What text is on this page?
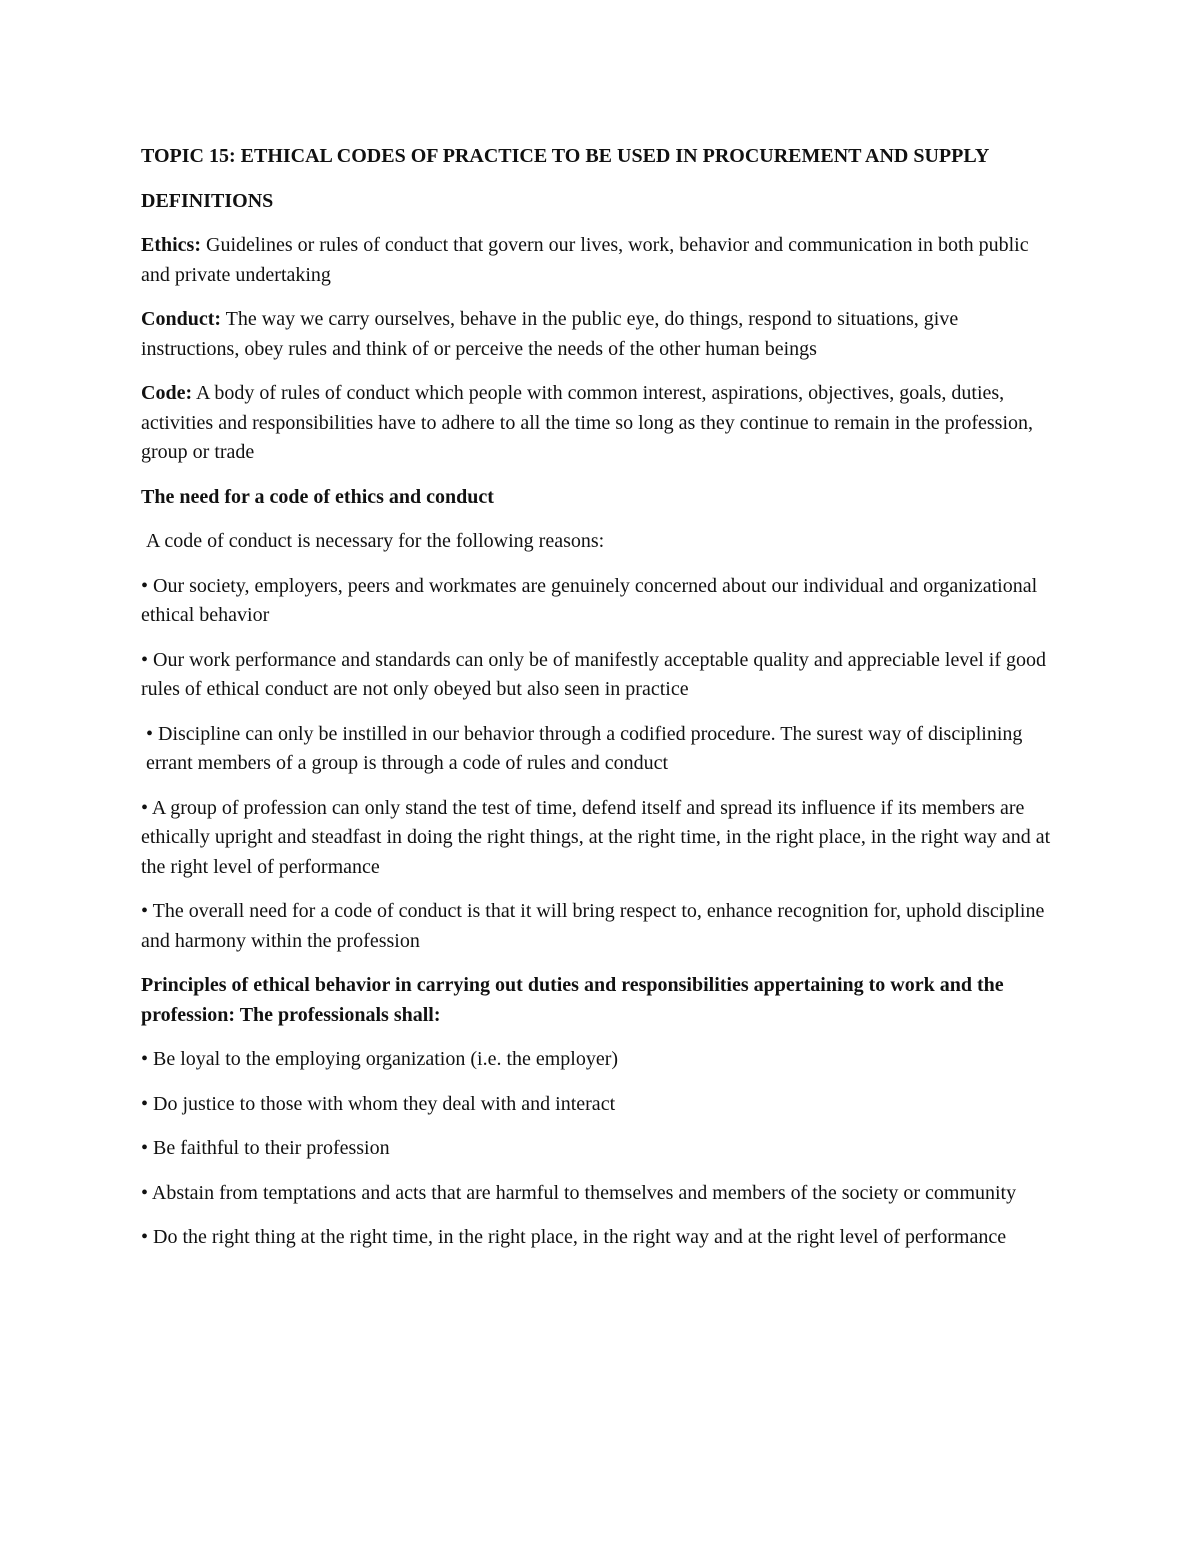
TOPIC 15: ETHICAL CODES OF PRACTICE TO BE USED IN PROCUREMENT AND SUPPLY
DEFINITIONS
Ethics: Guidelines or rules of conduct that govern our lives, work, behavior and communication in both public and private undertaking
Conduct: The way we carry ourselves, behave in the public eye, do things, respond to situations, give instructions, obey rules and think of or perceive the needs of the other human beings
Code: A body of rules of conduct which people with common interest, aspirations, objectives, goals, duties, activities and responsibilities have to adhere to all the time so long as they continue to remain in the profession, group or trade
The need for a code of ethics and conduct
A code of conduct is necessary for the following reasons:
• Our society, employers, peers and workmates are genuinely concerned about our individual and organizational ethical behavior
• Our work performance and standards can only be of manifestly acceptable quality and appreciable level if good rules of ethical conduct are not only obeyed but also seen in practice
• Discipline can only be instilled in our behavior through a codified procedure. The surest way of disciplining errant members of a group is through a code of rules and conduct
• A group of profession can only stand the test of time, defend itself and spread its influence if its members are ethically upright and steadfast in doing the right things, at the right time, in the right place, in the right way and at the right level of performance
• The overall need for a code of conduct is that it will bring respect to, enhance recognition for, uphold discipline and harmony within the profession
Principles of ethical behavior in carrying out duties and responsibilities appertaining to work and the profession: The professionals shall:
• Be loyal to the employing organization (i.e. the employer)
• Do justice to those with whom they deal with and interact
• Be faithful to their profession
• Abstain from temptations and acts that are harmful to themselves and members of the society or community
• Do the right thing at the right time, in the right place, in the right way and at the right level of performance
